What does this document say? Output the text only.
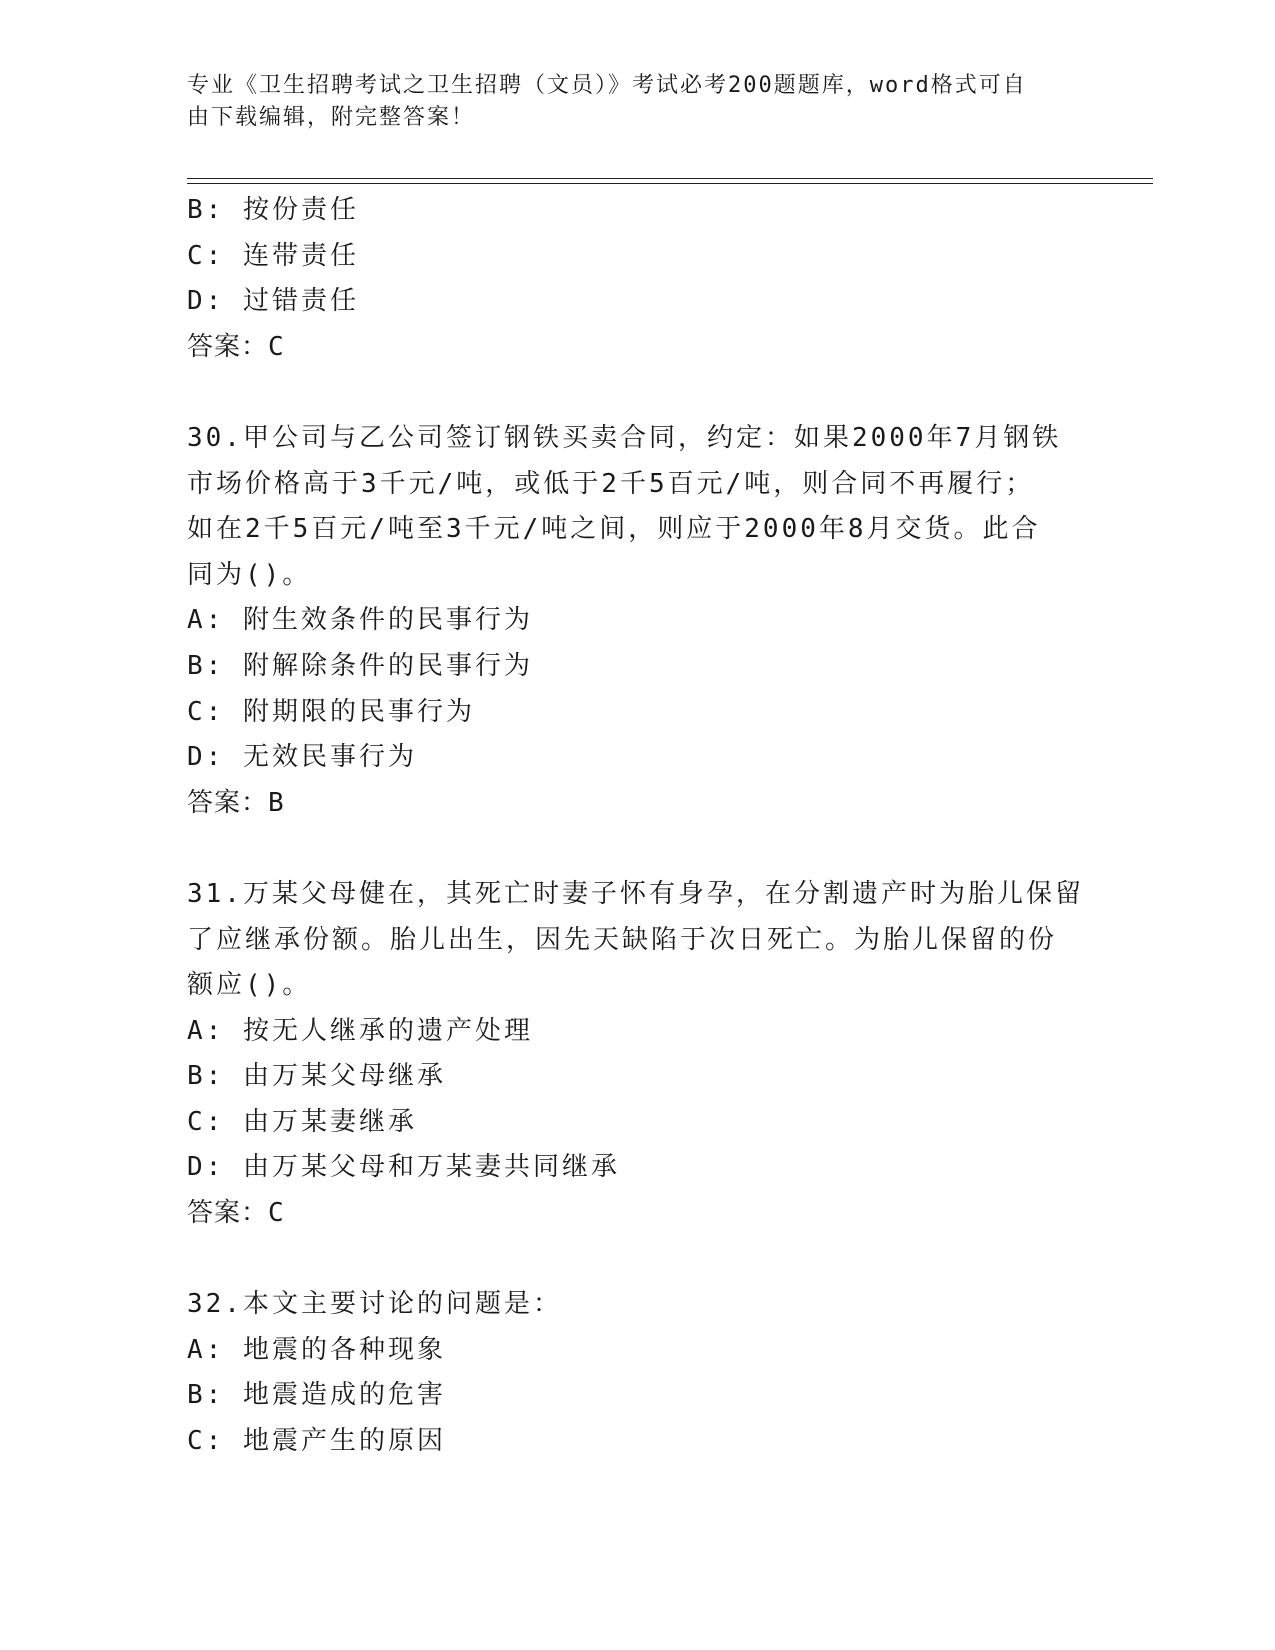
专业《卫生招聘考试之卫生招聘（文员）》考试必考200题题库，word格式可自
由下载编辑，附完整答案！
B: 按份责任
C: 连带责任
D: 过错责任
答案：C
30.甲公司与乙公司签订钢铁买卖合同，约定：如果2000年7月钢铁
市场价格高于3千元/吨，或低于2千5百元/吨，则合同不再履行；
如在2千5百元/吨至3千元/吨之间，则应于2000年8月交货。此合
同为()。
A: 附生效条件的民事行为
B: 附解除条件的民事行为
C: 附期限的民事行为
D: 无效民事行为
答案：B
31.万某父母健在，其死亡时妻子怀有身孕，在分割遗产时为胎儿保留
了应继承份额。胎儿出生，因先天缺陷于次日死亡。为胎儿保留的份
额应()。
A: 按无人继承的遗产处理
B: 由万某父母继承
C: 由万某妻继承
D: 由万某父母和万某妻共同继承
答案：C
32.本文主要讨论的问题是：
A: 地震的各种现象
B: 地震造成的危害
C: 地震产生的原因
